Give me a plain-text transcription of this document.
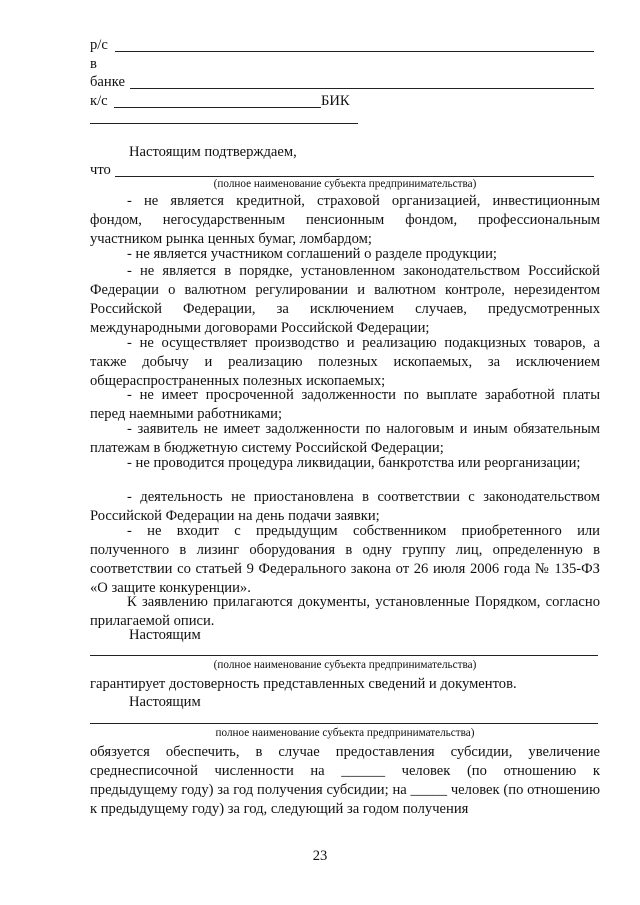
р/с
в
банке
к/с	БИК

Настоящим подтверждаем,

что
(полное наименование субъекта предпринимательства)
- не является кредитной, страховой организацией, инвестиционным фондом, негосударственным пенсионным фондом, профессиональным участником рынка ценных бумаг, ломбардом;
- не является участником соглашений о разделе продукции;
- не является в порядке, установленном законодательством Российской Федерации о валютном регулировании и валютном контроле, нерезидентом Российской Федерации, за исключением случаев, предусмотренных международными договорами Российской Федерации;
- не осуществляет производство и реализацию подакцизных товаров, а также добычу и реализацию полезных ископаемых, за исключением общераспространенных полезных ископаемых;
- не имеет просроченной задолженности по выплате заработной платы перед наемными работниками;
- заявитель не имеет задолженности по налоговым и иным обязательным платежам в бюджетную систему Российской Федерации;
- не проводится процедура ликвидации, банкротства или реорганизации;
- деятельность не приостановлена в соответствии с законодательством Российской Федерации на день подачи заявки;
- не входит с предыдущим собственником приобретенного или полученного в лизинг оборудования в одну группу лиц, определенную в соответствии со статьей 9 Федерального закона от 26 июля 2006 года № 135-ФЗ «О защите конкуренции».
К заявлению прилагаются документы, установленные Порядком, согласно прилагаемой описи.

Настоящим

(полное наименование субъекта предпринимательства)
гарантирует достоверность представленных сведений и документов.

Настоящим

полное наименование субъекта предпринимательства)
обязуется обеспечить, в случае предоставления субсидии, увеличение среднесписочной численности на ______ человек (по отношению к предыдущему году) за год получения субсидии; на _____ человек (по отношению к предыдущему году) за год, следующий за годом получения
23
